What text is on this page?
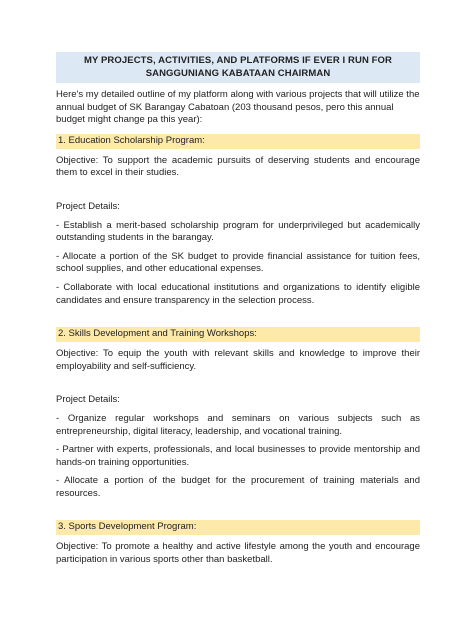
MY PROJECTS, ACTIVITIES, AND PLATFORMS IF EVER I RUN FOR SANGGUNIANG KABATAAN CHAIRMAN

Here's my detailed outline of my platform along with various projects that will utilize the annual budget of SK Barangay Cabatoan (203 thousand pesos, pero this annual budget might change pa this year):

1. Education Scholarship Program:

Objective: To support the academic pursuits of deserving students and encourage them to excel in their studies.

Project Details:

- Establish a merit-based scholarship program for underprivileged but academically outstanding students in the barangay.

- Allocate a portion of the SK budget to provide financial assistance for tuition fees, school supplies, and other educational expenses.

- Collaborate with local educational institutions and organizations to identify eligible candidates and ensure transparency in the selection process.

2. Skills Development and Training Workshops:

Objective: To equip the youth with relevant skills and knowledge to improve their employability and self-sufficiency.

Project Details:

- Organize regular workshops and seminars on various subjects such as entrepreneurship, digital literacy, leadership, and vocational training.

- Partner with experts, professionals, and local businesses to provide mentorship and hands-on training opportunities.

- Allocate a portion of the budget for the procurement of training materials and resources.

3. Sports Development Program:

Objective: To promote a healthy and active lifestyle among the youth and encourage participation in various sports other than basketball.
